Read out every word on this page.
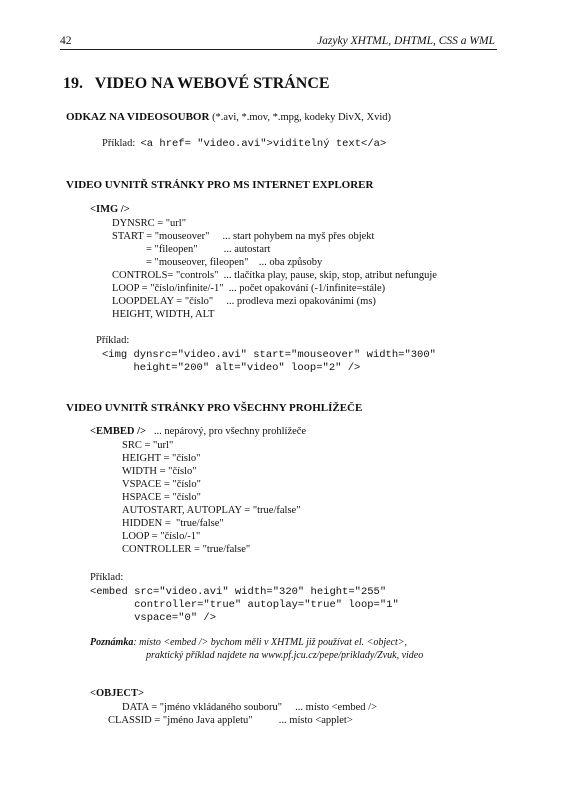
42	Jazyky XHTML, DHTML, CSS a WML
19. VIDEO NA WEBOVÉ STRÁNCE
ODKAZ NA VIDEOSOUBOR (*.avi, *.mov, *.mpg, kodeky DivX, Xvid)
Příklad: <a href= "video.avi">viditelný text</a>
VIDEO UVNITŘ STRÁNKY PRO MS INTERNET EXPLORER
<IMG />
DYNSRC = "url"
START = "mouseover"     ... start pohybem na myš přes objekt
= "fileopen"          ... autostart
= "mouseover, fileopen"    ... oba způsoby
CONTROLS= "controls"  ... tlačítka play, pause, skip, stop, atribut nefunguje
LOOP = "číslo/infinite/-1"  ... počet opakování (-1/infinite=stále)
LOOPDELAY = "číslo"     ... prodleva mezi opakováními (ms)
HEIGHT, WIDTH, ALT
Příklad:
<img dynsrc="video.avi" start="mouseover" width="300"
height="200" alt="video" loop="2" />
VIDEO UVNITŘ STRÁNKY PRO VŠECHNY PROHLÍŽEČE
<EMBED /> ... nepárový, pro všechny prohlížeče
SRC = "url"
HEIGHT = "číslo"
WIDTH = "číslo"
VSPACE = "číslo"
HSPACE = "číslo"
AUTOSTART, AUTOPLAY = "true/false"
HIDDEN =  "true/false"
LOOP = "číslo/-1"
CONTROLLER = "true/false"
Příklad:
<embed src="video.avi" width="320" height="255"
controller="true" autoplay="true" loop="1"
vspace="0" />
Poznámka: místo <embed /> bychom měli v XHTML již používat el. <object>,
praktický příklad najdete na www.pf.jcu.cz/pepe/priklady/Zvuk, video
<OBJECT>
DATA = "jméno vkládaného souboru"     ... místo <embed />
CLASSID = "jméno Java appletu"          ... místo <applet>
